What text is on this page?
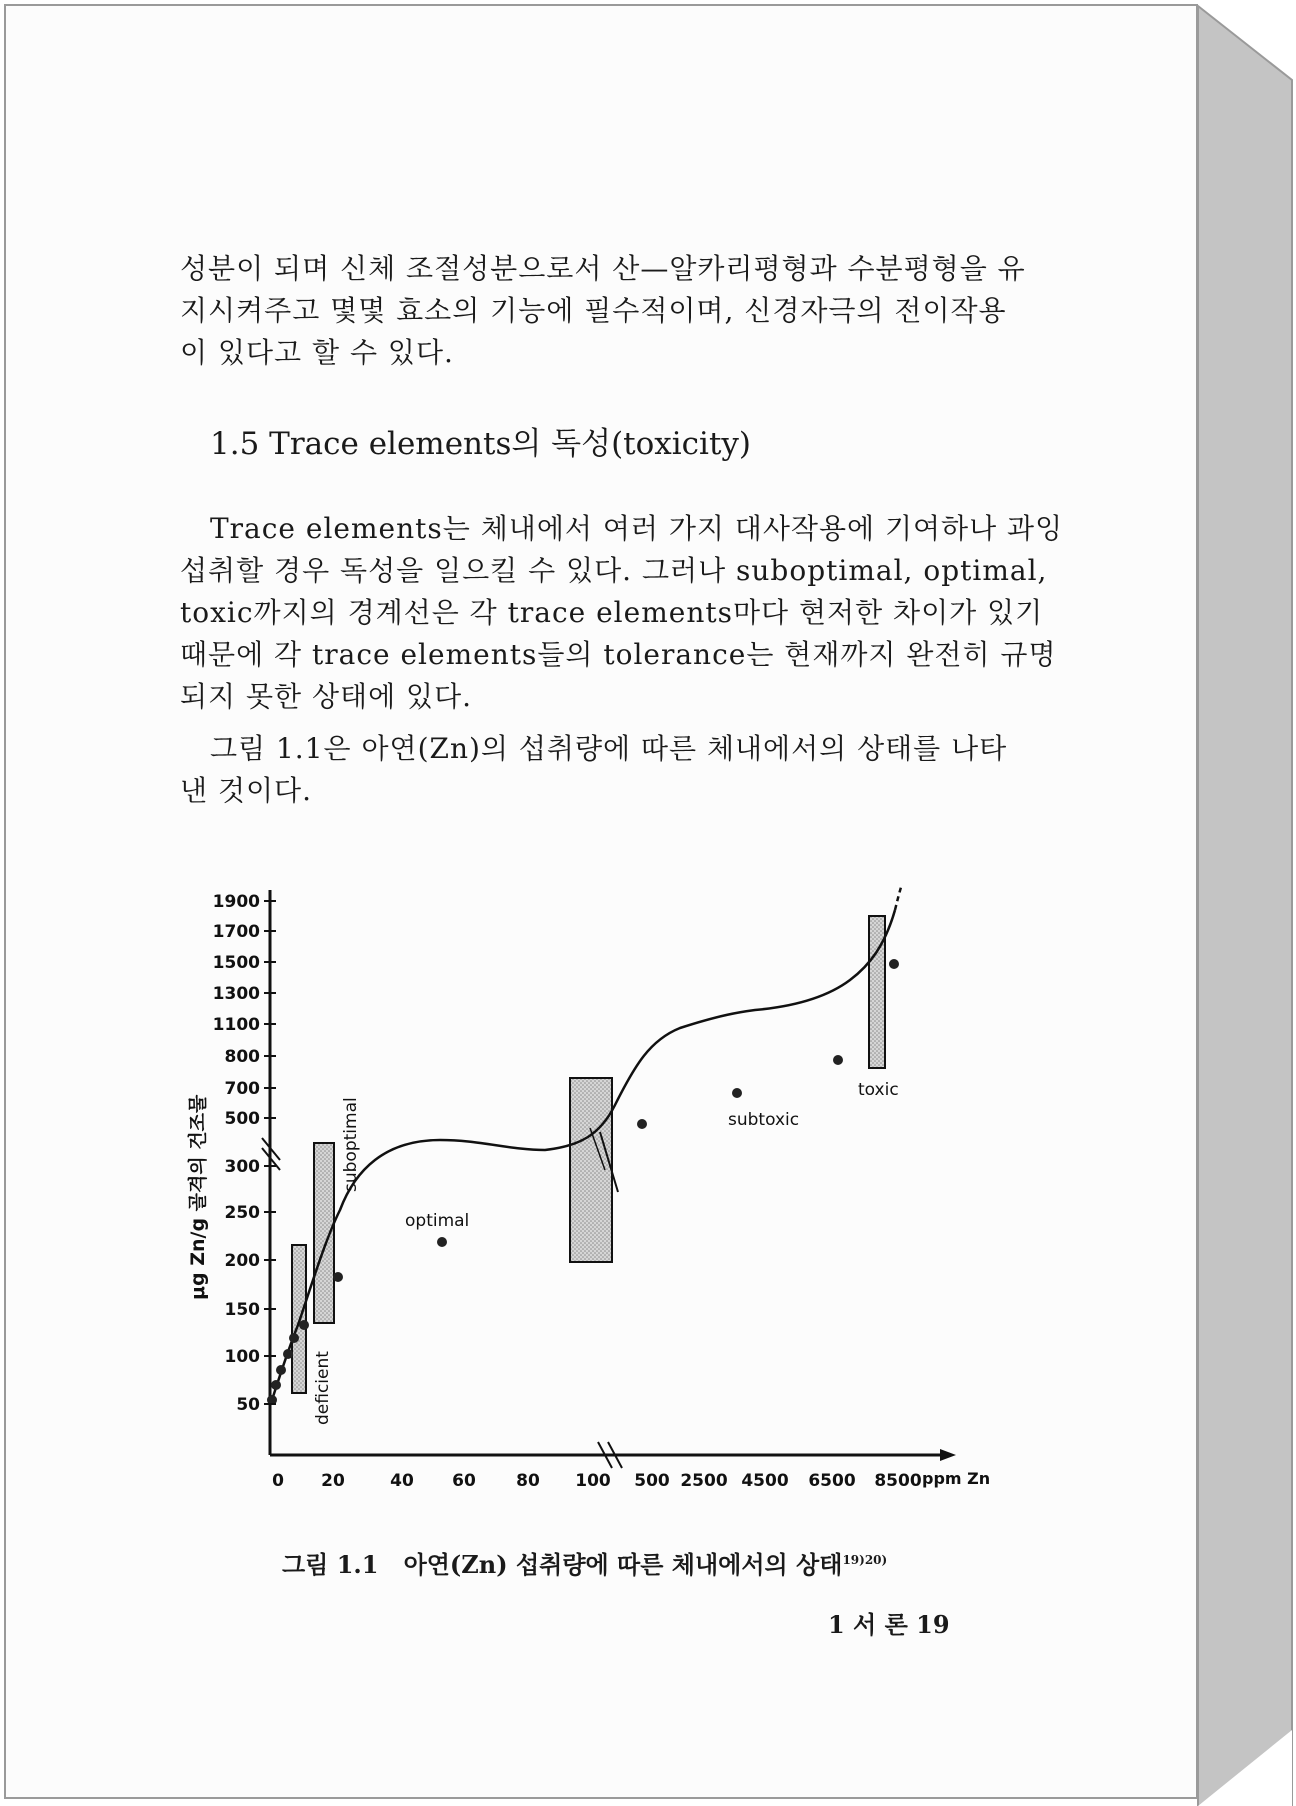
성분이 되며 신체 조절성분으로서 산—알카리평형과 수분평형을 유
지시켜주고 몇몇 효소의 기능에 필수적이며, 신경자극의 전이작용
이 있다고 할 수 있다.
1.5 Trace elements의 독성(toxicity)
Trace elements는 체내에서 여러 가지 대사작용에 기여하나 과잉
섭취할 경우 독성을 일으킬 수 있다. 그러나 suboptimal, optimal,
toxic까지의 경계선은 각 trace elements마다 현저한 차이가 있기
때문에 각 trace elements들의 tolerance는 현재까지 완전히 규명
되지 못한 상태에 있다.
그림 1.1은 아연(Zn)의 섭취량에 따른 체내에서의 상태를 나타
낸 것이다.
1900
1700
1500
1300
1100
800
700
500
300
250
200
150
100
50
0 20	40 60 80 100 500 2500 4500 6500 8500
deficient
suboptimal
optimal
subtoxic
toxic
μg Zn/g 골격의 건조물
ppm Zn
그림 1.1 아연(Zn) 섭취량에 따른 체내에서의 상태$^{19)20)}$
1 서 론 19
